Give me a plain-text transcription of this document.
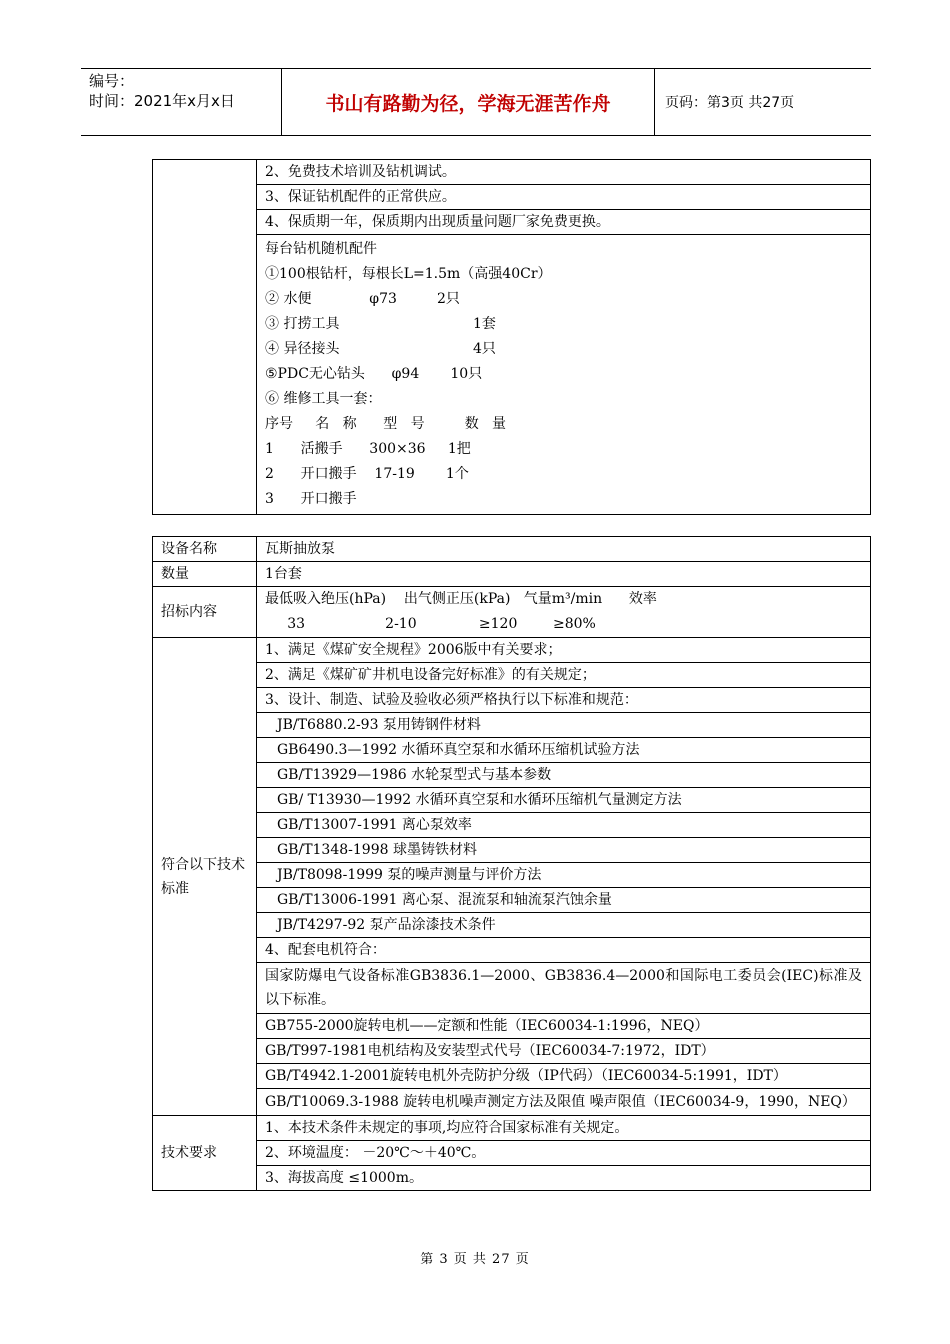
编号：
时间：2021年x月x日	书山有路勤为径，学海无涯苦作舟	页码：第3页 共27页
	2、免费技术培训及钻机调试。
3、保证钻机配件的正常供应。
4、保质期一年，保质期内出现质量问题厂家免费更换。

每台钻机随机配件
①100根钻杆，每根长L=1.5m（高强40Cr）
② 水便             φ73         2只
③ 打捞工具                              1套
④ 异径接头                              4只
⑤PDC无心钻头      φ94       10只
⑥ 维修工具一套：
序号     名   称      型   号         数   量
1      活搬手      300×36     1把
2      开口搬手    17-19       1个
3      开口搬手
设备名称	瓦斯抽放泵
数量	1台套
招标内容	最低吸入绝压(hPa)    出气侧正压(kPa)   气量m³/min      效率
33                  2-10              ≥120        ≥80%

符合以下技术标准	1、满足《煤矿安全规程》2006版中有关要求；
	2、满足《煤矿矿井机电设备完好标准》的有关规定；
	3、设计、制造、试验及验收必须严格执行以下标准和规范：
	JB/T6880.2-93 泵用铸钢件材料
	GB6490.3—1992 水循环真空泵和水循环压缩机试验方法
	GB/T13929—1986 水轮泵型式与基本参数
	GB/ T13930—1992 水循环真空泵和水循环压缩机气量测定方法
	GB/T13007-1991 离心泵效率
	GB/T1348-1998 球墨铸铁材料
	JB/T8098-1999 泵的噪声测量与评价方法
	GB/T13006-1991 离心泵、混流泵和轴流泵汽蚀余量
	JB/T4297-92 泵产品涂漆技术条件
	4、配套电机符合：
	国家防爆电气设备标准GB3836.1—2000、GB3836.4—2000和国际电工委员会(IEC)标准及以下标准。
	GB755-2000旋转电机——定额和性能（IEC60034-1:1996，NEQ）
	GB/T997-1981电机结构及安装型式代号（IEC60034-7:1972，IDT）
	GB/T4942.1-2001旋转电机外壳防护分级（IP代码）（IEC60034-5:1991，IDT）
	GB/T10069.3-1988 旋转电机噪声测定方法及限值 噪声限值（IEC60034-9，1990，NEQ）
技术要求	1、本技术条件未规定的事项,均应符合国家标准有关规定。
	2、环境温度： －20℃～＋40℃。
	3、海拔高度 ≤1000m。
第 3 页 共 27 页
